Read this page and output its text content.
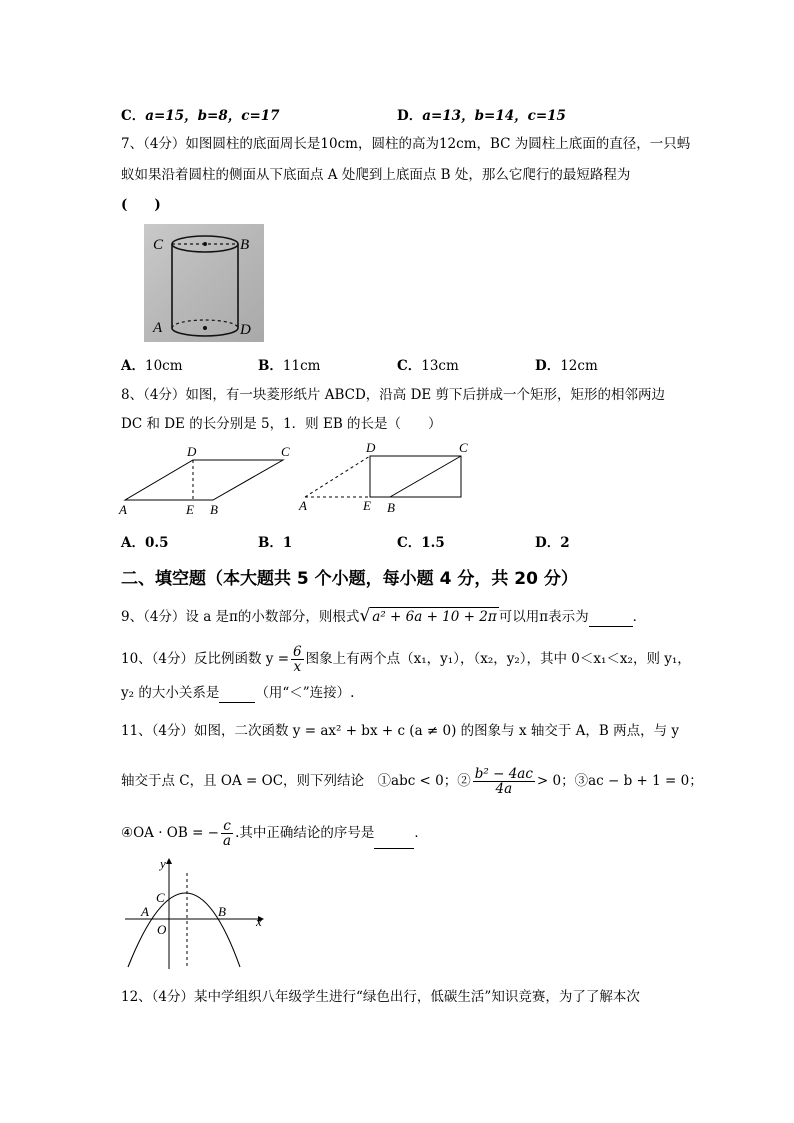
C．a=15，b=8，c=17	D．a=13，b=14，c=15
7、（4分）如图圆柱的底面周长是10cm，圆柱的高为12cm，BC 为圆柱上底面的直径，一只蚂
蚁如果沿着圆柱的侧面从下底面点 A 处爬到上底面点 B 处，那么它爬行的最短路程为
(　　)
C	B
A	D
A．10cm	B．11cm	C．13cm	D．12cm
8、（4分）如图，有一块菱形纸片 ABCD，沿高 DE 剪下后拼成一个矩形，矩形的相邻两边
DC 和 DE 的长分别是 5，1．则 EB 的长是（　　）
D	C
A	E B
D	C
A	E B
A．0.5	B．1	C．1.5	D．2
二、填空题（本大题共 5 个小题，每小题 4 分，共 20 分）
9、（4分）设 a 是π的小数部分，则根式√ a² + 6a + 10 + 2π 可以用π表示为	．
10、（4分）反比例函数 $y = \frac{6}{x}$ 图象上有两个点（x₁，y₁），（x₂，y₂），其中 0＜x₁＜x₂，则 y₁，
y₂ 的大小关系是	（用“＜”连接）.
11、（4分）如图，二次函数 y = ax² + bx + c (a ≠ 0) 的图象与 x 轴交于 A，B 两点，与 y
轴交于点 C，且 OA = OC，则下列结论　①abc < 0；② $\frac{\text{b² − 4ac}}{4a} > 0$；③ac − b + 1 = 0；
④OA · OB = − $\frac{c}{a}$ .其中正确结论的序号是	．
y
x
C
A	B
O
12、（4分）某中学组织八年级学生进行“绿色出行，低碳生活”知识竞赛，为了了解本次
